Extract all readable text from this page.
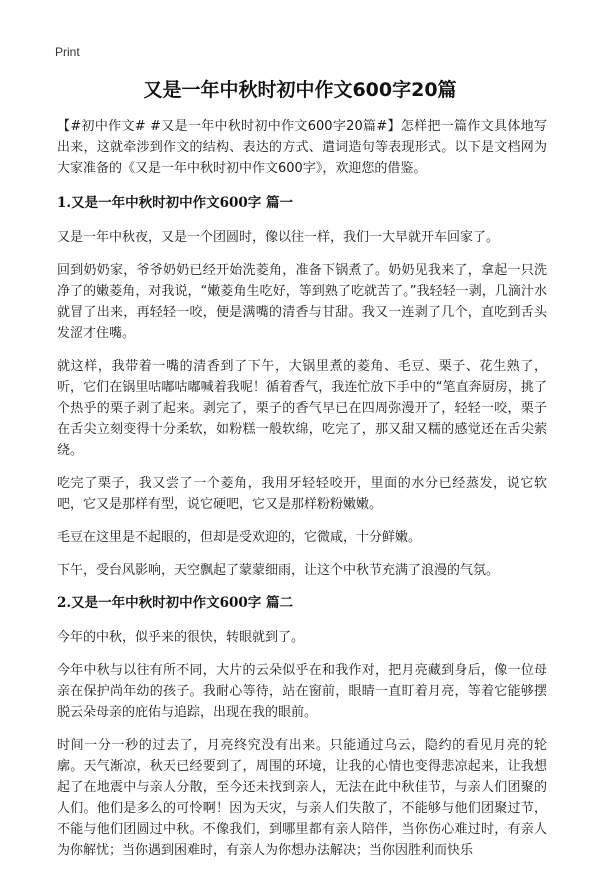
Print
又是一年中秋时初中作文600字20篇

【#初中作文# #又是一年中秋时初中作文600字20篇#】怎样把一篇作文具体地写出来，这就牵涉到作文的结构、表达的方式、遣词造句等表现形式。以下是文档网为大家准备的《又是一年中秋时初中作文600字》，欢迎您的借鉴。

1.又是一年中秋时初中作文600字 篇一

又是一年中秋夜，又是一个团圆时，像以往一样，我们一大早就开车回家了。

回到奶奶家，爷爷奶奶已经开始洗菱角，准备下锅煮了。奶奶见我来了，拿起一只洗净了的嫩菱角，对我说，“嫩菱角生吃好，等到熟了吃就苦了。”我轻轻一剥，几滴汁水就冒了出来，再轻轻一咬，便是满嘴的清香与甘甜。我又一连剥了几个，直吃到舌头发涩才住嘴。

就这样，我带着一嘴的清香到了下午，大锅里煮的菱角、毛豆、栗子、花生熟了，听，它们在锅里咕嘟咕嘟喊着我呢！循着香气，我连忙放下手中的“笔直奔厨房，挑了个热乎的栗子剥了起来。剥完了，栗子的香气早已在四周弥漫开了，轻轻一咬，栗子在舌尖立刻变得十分柔软，如粉糕一般软绵，吃完了，那又甜又糯的感觉还在舌尖萦绕。

吃完了栗子，我又尝了一个菱角，我用牙轻轻咬开，里面的水分已经蒸发，说它软吧，它又是那样有型，说它硬吧，它又是那样粉粉嫩嫩。

毛豆在这里是不起眼的，但却是受欢迎的，它微咸，十分鲜嫩。

下午，受台风影响，天空飘起了蒙蒙细雨，让这个中秋节充满了浪漫的气氛。

2.又是一年中秋时初中作文600字 篇二

今年的中秋，似乎来的很快，转眼就到了。

今年中秋与以往有所不同，大片的云朵似乎在和我作对，把月亮藏到身后，像一位母亲在保护尚年幼的孩子。我耐心等待，站在窗前，眼睛一直盯着月亮，等着它能够摆脱云朵母亲的庇佑与追踪，出现在我的眼前。

时间一分一秒的过去了，月亮终究没有出来。只能通过乌云，隐约的看见月亮的轮廓。天气渐凉，秋天已经要到了，周围的环境，让我的心情也变得悲凉起来，让我想起了在地震中与亲人分散，至今还未找到亲人，无法在此中秋佳节，与亲人们团聚的人们。他们是多么的可怜啊！因为天灾，与亲人们失散了，不能够与他们团聚过节，不能与他们团圆过中秋。不像我们，到哪里都有亲人陪伴，当你伤心难过时，有亲人为你解忧；当你遇到困难时，有亲人为你想办法解决；当你因胜利而快乐
